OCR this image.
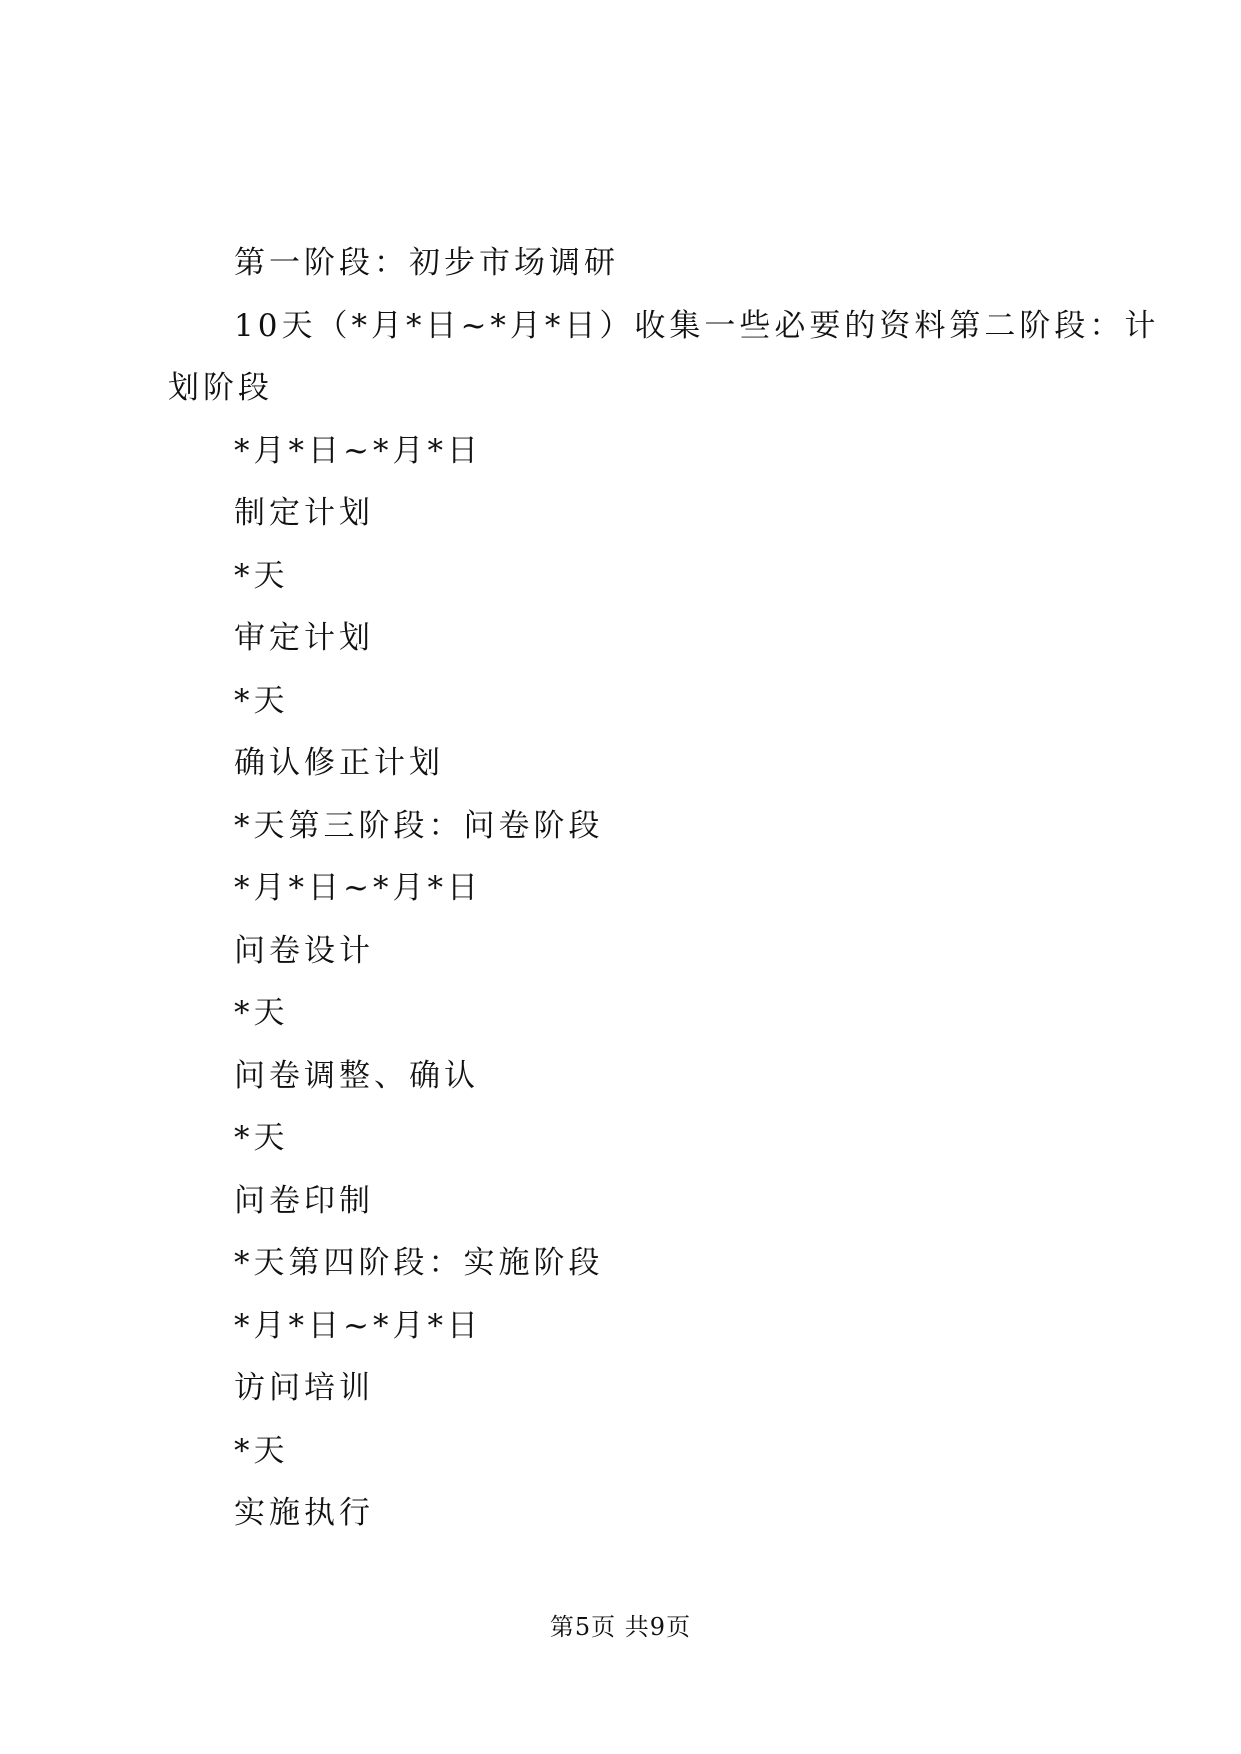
第一阶段：初步市场调研
10天（*月*日~*月*日）收集一些必要的资料第二阶段：计
划阶段
*月*日~*月*日
制定计划
*天
审定计划
*天
确认修正计划
*天第三阶段：问卷阶段
*月*日~*月*日
问卷设计
*天
问卷调整、确认
*天
问卷印制
*天第四阶段：实施阶段
*月*日~*月*日
访问培训
*天
实施执行
第5页 共9页
